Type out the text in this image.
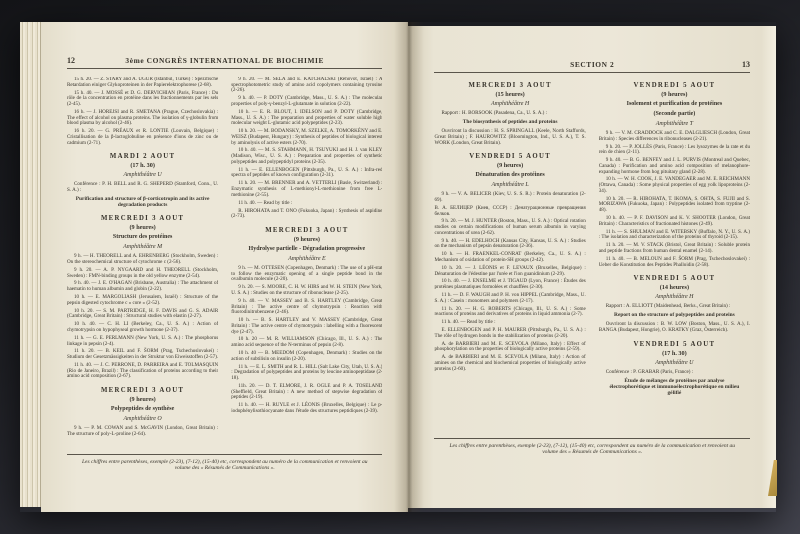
12	3ème CONGRÈS INTERNATIONAL DE BIOCHIMIE
15 h. 20. — Z. STARY and A. UGUR (Istanbul, Türkei) : Spezifische Retardation einiger Glykoproteinen in der Papierelektrophorese (2-68).
15 h. 40. — J. MOSSÉ et D. G. DERVICHIAN (Paris, France) : Du rôle de la concentration en protéine dans les fractionnements par les sels (2-45).
16 h. — J. HOREJSI and R. SMETANA (Prague, Czechoslovakia) : The effect of alcohol on plasma proteins. The isolation of γ-globulin from blood plasma by alcohol (2-46).
16 h. 20. — G. PRÉAUX et R. LONTIE (Louvain, Belgique) : Cristallisation de la β-lactoglobuline en présence d'ions de zinc ou de cadmium (2-71).
MARDI 2 AOUT
(17 h. 30)
Amphithéâtre U
Conférence : P. H. BELL and R. G. SHEPERD (Stamford, Conn., U. S. A.) :
Purification and structure of β-corticotropin and its active degradation products
MERCREDI 3 AOUT
(9 heures)
Structure des protéines
Amphithéâtre M
9 h. — H. THEORELL and A. EHRENBERG (Stockholm, Sweden) : On the stereochemical structure of cytochrome c (2-56).
9 h. 20. — A. P. NYGAARD and H. THEORELL (Stockholm, Sweden) : FMN-binding groups in the old yellow enzyme (2-54).
9 h. 40. — J. E. O'HAGAN (Brisbane, Australia) : The attachment of haematin to human albumin and globin (2-22).
10 h. — E. MARGOLIASH (Jerusalem, Israël) : Structure of the pepsin digested cytochrome c « core » (2-52).
10 h. 20. — S. M. PARTRIDGE, H. F. DAVIS and G. S. ADAIR (Cambridge, Great Britain) : Structural studies with elastin (2-27).
10 h. 40. — C. H. LI (Berkeley, Ca., U. S. A.) : Action of chymotrypsin on hypophyseal growth hormone (2-37).
11 h. — G. E. PERLMANN (New York, U. S. A.) : The phosphorus linkage in pepsin (2-4).
11 h. 20. — B. KEIL and F. ŠORM (Prag, Tschechoslovakei) : Studium der Gesetzmässigkeiten in der Struktur von Eiweisstoffen (2-57).
11 h. 40. — J. C. PERRONE, D. PARREIRA and E. TOLMASQUIN (Rio de Janeiro, Brazil) : The classification of proteins according to their amino acid composition (2-67).
MERCREDI 3 AOUT
(9 heures)
Polypeptides de synthèse
Amphithéâtre O
9 h. — P. M. COWAN and S. McGAVIN (London, Great Britain) : The structure of poly-L-proline (2-64).
9 h. 20. — M. SELA and E. KATCHALSKI (Rehovot, Israël) : A spectrophotometric study of amino acid copolymers containing tyrosine (2-26).
9 h. 40. — P. DOTY (Cambridge, Mass., U. S. A.) : The molecular properties of poly-γ-benzyl-L-glutamate in solution (2-22).
10 h. — E. R. BLOUT, I. IDELSON and P. DOTY (Cambridge, Mass., U. S. A.) : The preparation and properties of water soluble high molecular weight L-glutamic acid polypeptides (2-23).
10 h. 20. — M. BODANSKY, M. SZELKE, A. TOMORKÉNY and E. WEISZ (Budapest, Hungary) : Synthesis of peptides of biological interest by aminolysis of active esters (2-70).
10 h. 40. — M. S. STAHMANN, H. TSUYUKI and H. J. van KLEY (Madison, Wisc., U. S. A.) : Preparation and properties of synthetic polypeptides and polypeptidyl proteins (2-35).
11 h. — E. ELLENBOGEN (Pittsburgh, Pa., U. S. A.) : Infra-red spectra of peptides of known configuration (2-31).
11 h. 20. — M. BRENNER and A. VETTERLI (Basle, Switzerland) : Enzymatic synthesis of L-methionyl-L-methionine from free L-methionine (2-55).
11 h. 40. — Read by title :
R. HIROHATA and T. ONO (Fukuoka, Japan) : Synthesis of aspidine (2-73).
MERCREDI 3 AOUT
(9 heures)
Hydrolyse partielle - Dégradation progressive
Amphithéâtre E
9 h. — M. OTTESEN (Copenhagen, Denmark) : The use of a pH-stat to follow the enzymatic opening of a single peptide bond in the ovalbumin molecule (2-20).
9 h. 20. — S. MOORE, C. H. W. HIRS and W. H. STEIN (New York, U. S. A.) : Studies on the structure of ribonuclease (2-25).
9 h. 40. — V. MASSEY and B. S. HARTLEY (Cambridge, Great Britain) : The active centre of chymotrypsin : Reaction with fluorodinitrobenzene (2-46).
10 h. — B. S. HARTLEY and V. MASSEY (Cambridge, Great Britain) : The active centre of chymotrypsin : labelling with a fluorescent dye (2-47).
10 h. 20 — M. R. WILLIAMSON (Chicago, Ill., U. S. A.) : The amino acid sequence of the N-terminus of pepsin (2-8).
10 h. 40 — B. MEEDOM (Copenhagen, Denmark) : Studies on the action of subtilisin on insulin (2-20).
11 h. — E. L. SMITH and R. L. HILL (Salt Lake City, Utah, U. S. A.) : Degradation of polypeptides and proteins by leucine aminopeptidase (2-18).
11h. 20. — D. T. ELMORE, J. R. OGLE and P. A. TOSELAND (Sheffield, Great Britain) : A new method of stepwise degradation of peptides (2-19).
11 h. 40. — H. RUYLE et J. LÉONIS (Bruxelles, Belgique) : Le p-iodophénylisothiocyanate dans l'étude des structures peptidiques (2-39).
Les chiffres entre parenthèses, exemple (2-23), (7-12), (15-40) etc, correspondent au numéro de la communication et renvoient au volume des « Résumés de Communications ».
SECTION 2	13
MERCREDI 3 AOUT
(15 heures)
Amphithéâtre H
Rapport : H. BORSOOK (Pasadena, Ca., U. S. A.) :
The biosynthesis of peptides and proteins
Ouvriront la discussion : H. S. SPRINGALL (Keele, North Staffords, Great Britain) ; F. HAUROWITZ (Bloomington, Ind., U. S. A.), T. S. WORK (London, Great Britain).
VENDREDI 5 AOUT
(9 heures)
Dénaturation des protéines
Amphithéâtre L
9 h. — V. A. BELICER (Kiev, U. S. S. R.) : Protein denaturation (2-69).
В. А. БЕЛИЦЕР (Киев, СССР) : Денатурационные превращения белков.
9 h. 20. — M. J. HUNTER (Boston, Mass., U. S. A.) : Optical rotation studies on certain modifications of human serum albumin in varying concentrations of urea (2-62).
9 h. 40. — H. EDELHOCH (Kansas City, Kansas, U. S. A.) : Studies on the mechanism of pepsin denaturation (2-36).
10 h. — H. FRAENKEL-CONRAT (Berkeley, Ca., U. S. A.) : Mechanism of oxidation of protein-SH groups (2-42).
10 h. 20. — J. LÉONIS et F. LEVAUX (Bruxelles, Belgique) : Dénaturation de l'édestine par l'urée et l'ion guanidinium (2-29).
10 h. 40. — J. ENSELME et J. TIGAUD (Lyon, France) : Études des protéines plasmatiques formolées et chauffées (2-30).
11 h. — D. F. WAUGH and P. H. von HIPPEL (Cambridge, Mass., U. S. A.) : Casein : monomers and polymers (2-17).
11 h. 20. — H. G. ROBERTS (Chicago, Ill., U. S. A.) : Some reactions of proteins and derivatives of proteins in liquid ammonia (2-7).
11 h. 40. — Read by title :
E. ELLENBOGEN and P. H. MAURER (Pittsburgh, Pa., U. S. A.) : The rôle of hydrogen bonds in the stabilization of proteins (2-20).
A. de BARBIERI and M. E. SCEVOLA (Milano, Italy) : Effect of phosphorylation on the properties of biologically active proteins (2-59).
A. de BARBIERI and M. E. SCEVOLA (Milano, Italy) : Action of amines on the chemical and biochemical properties of biologically active proteins (2-60).
VENDREDI 5 AOUT
(9 heures)
Isolement et purification de protéines
(Seconde partie)
Amphithéâtre T
9 h. — V. M. CRADDOCK and C. E. DALGLIESCH (London, Great Britain) : Species differences in ribonucleases (2-21).
9 h. 20. — P. JOLLÈS (Paris, France) : Les lysozymes de la rate et du rein de chien (2-11).
9 h. 40. — B. G. BENFEY and J. L. PURVIS (Montreal and Quebec, Canada) : Purification and amino acid composition of melanophore-expanding hormone from hog pituitary gland (2-28).
10 h. — W. H. COOK, J. E. VANDEGAER and M. E. REICHMANN (Ottawa, Canada) : Some physical properties of egg yolk lipoproteins (2-34).
10 h. 20. — R. HIROHATA, T. IKOMA, S. OHTA, S. FUJII and S. MORIZAWA (Fukuoka, Japan) : Polypeptides isolated from tryptine (2-48).
10 h. 40. — P. F. DAVISON and K. V. SHOOTER (London, Great Britain) : Characteristics of fractionated histones (2-49).
11 h. — S. SHULMAN and E. WITEBSKY (Buffalo, N. Y., U. S. A.) : The isolation and characterization of the proteins of thyroid (2-15).
11 h. 20. — M. V. STACK (Bristol, Great Britain) : Soluble protein and peptide fractions from human dental enamel (2-14).
11 h. 40. — B. MELOUN and F. ŠORM (Prag, Tschechoslovakei) : Ueber die Konstitution des Peptides Phalloidin (2-58).
VENDREDI 5 AOUT
(14 heures)
Amphithéâtre H
Rapport : A. ELLIOTT (Maidenhead, Berks., Great Britain) :
Report on the structure of polypeptides and proteins
Ouvriront la discussion : B. W. LOW (Boston, Mass., U. S. A.), I. BANGA (Budapest, Hongrie), O. KRATKY (Graz, Österreich).
VENDREDI 5 AOUT
(17 h. 30)
Amphithéâtre U
Conférence : P. GRABAR (Paris, France) :
Étude de mélanges de protéines par analyse électrophorétique et immunoélectrophorétique en milieu gélifié
Les chiffres entre parenthèses, exemple (2-23), (7-12), (15-40) etc, correspondent au numéro de la communication et renvoient au volume des « Résumés de Communications ».
